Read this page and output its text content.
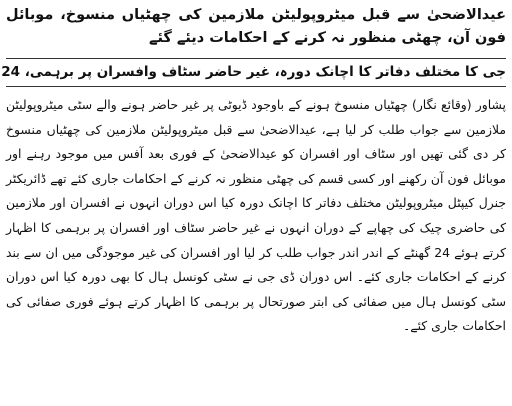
عیدالاضحیٰ سے قبل میٹروپولیٹن ملازمین کی چھٹیاں منسوخ، موبائل فون آن، چھٹی منظور نہ کرنے کے احکامات دیئے گئے
جی کا مختلف دفاتر کا اچانک دورہ، غیر حاضر سٹاف وافسران پر برہمی، 24

پشاور (وقائع نگار) چھٹیاں منسوخ ہونے کے باوجود ڈیوٹی پر غیر حاضر ہونے والے سٹی میٹروپولیٹن ملازمین سے جواب طلب کر لیا ہے، عیدالاضحیٰ سے قبل میٹروپولیٹن ملازمین کی چھٹیاں منسوخ کر دی گئی تھیں اور سٹاف اور افسران کو عیدالاضحیٰ کے فوری بعد آفس میں موجود رہنے اور موبائل فون آن رکھنے اور کسی قسم کی چھٹی منظور نہ کرنے کے احکامات جاری کئے تھے ڈائریکٹر جنرل کیپٹل میٹروپولیٹن مختلف دفاتر کا اچانک دورہ کیا اس دوران انہوں نے افسران اور ملازمین کی حاضری چیک کی چھاپے کے دوران انہوں نے غیر حاضر سٹاف اور افسران پر برہمی کا اظہار کرتے ہوئے 24 گھنٹے کے اندر اندر جواب طلب کر لیا اور افسران کی غیر موجودگی میں ان سے بند کرنے کے احکامات جاری کئے۔ اس دوران ڈی جی نے سٹی کونسل ہال کا بھی دورہ کیا اس دوران سٹی کونسل ہال میں صفائی کی ابتر صورتحال پر برہمی کا اظہار کرتے ہوئے فوری صفائی کی احکامات جاری کئے۔
